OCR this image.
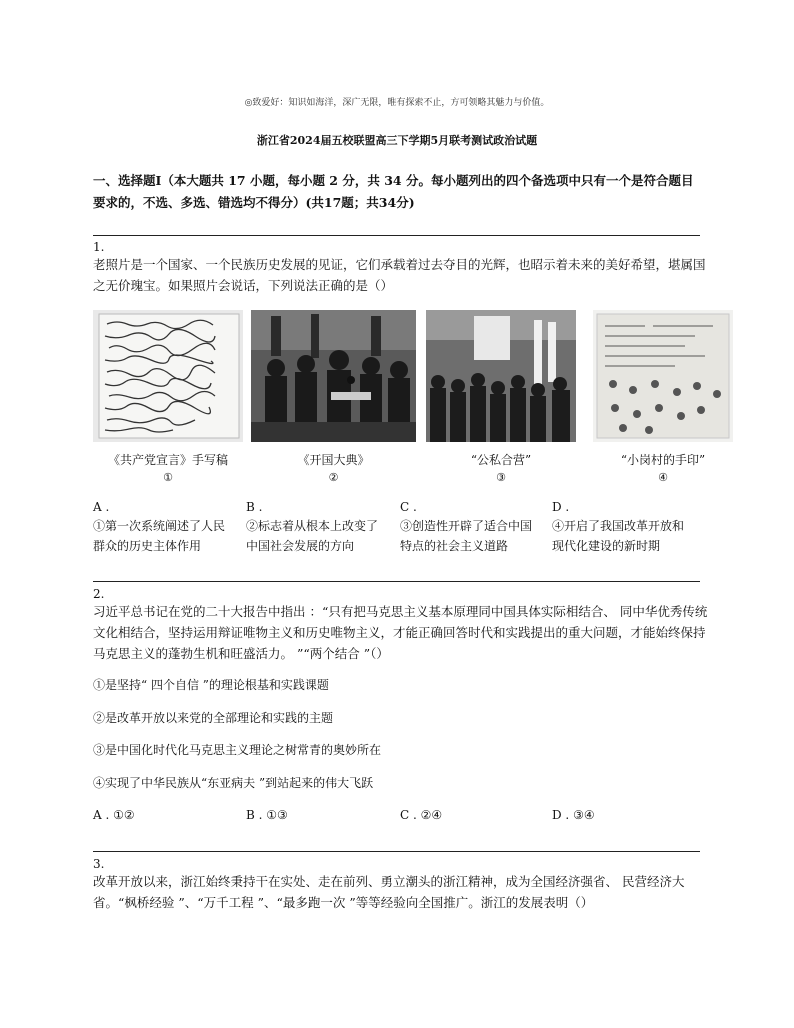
◎致爱好：知识如海洋，深广无限，唯有探索不止，方可领略其魅力与价值。
浙江省2024届五校联盟高三下学期5月联考测试政治试题
一、选择题Ⅰ（本大题共 17 小题，每小题 2 分，共 34 分。每小题列出的四个备选项中只有一个是符合题目要求的，不选、多选、错选均不得分）(共17题；共34分)
1.
老照片是一个国家、一个民族历史发展的见证，它们承载着过去夺目的光辉，也昭示着未来的美好希望，堪属国之无价瑰宝。如果照片会说话，下列说法正确的是（）
《共产党宣言》手写稿
①
《开国大典》
②
“公私合营”
③
“小岗村的手印”
④
A .
①第一次系统阐述了人民群众的历史主体作用
B .
②标志着从根本上改变了中国社会发展的方向
C .
③创造性开辟了适合中国特点的社会主义道路
D .
④开启了我国改革开放和现代化建设的新时期
2.
习近平总书记在党的二十大报告中指出 ：“只有把马克思主义基本原理同中国具体实际相结合、 同中华优秀传统文化相结合，坚持运用辩证唯物主义和历史唯物主义，才能正确回答时代和实践提出的重大问题，才能始终保持马克思主义的蓬勃生机和旺盛活力。 ”“两个结合 ”（）
①是坚持“ 四个自信 ”的理论根基和实践课题
②是改革开放以来党的全部理论和实践的主题
③是中国化时代化马克思主义理论之树常青的奥妙所在
④实现了中华民族从“东亚病夫 ”到站起来的伟大飞跃
A . ①②	B . ①③	C . ②④	D . ③④
3.
改革开放以来，浙江始终秉持干在实处、走在前列、勇立潮头的浙江精神，成为全国经济强省、 民营经济大省。“枫桥经验 ”、“万千工程 ”、“最多跑一次 ”等等经验向全国推广。浙江的发展表明（）
